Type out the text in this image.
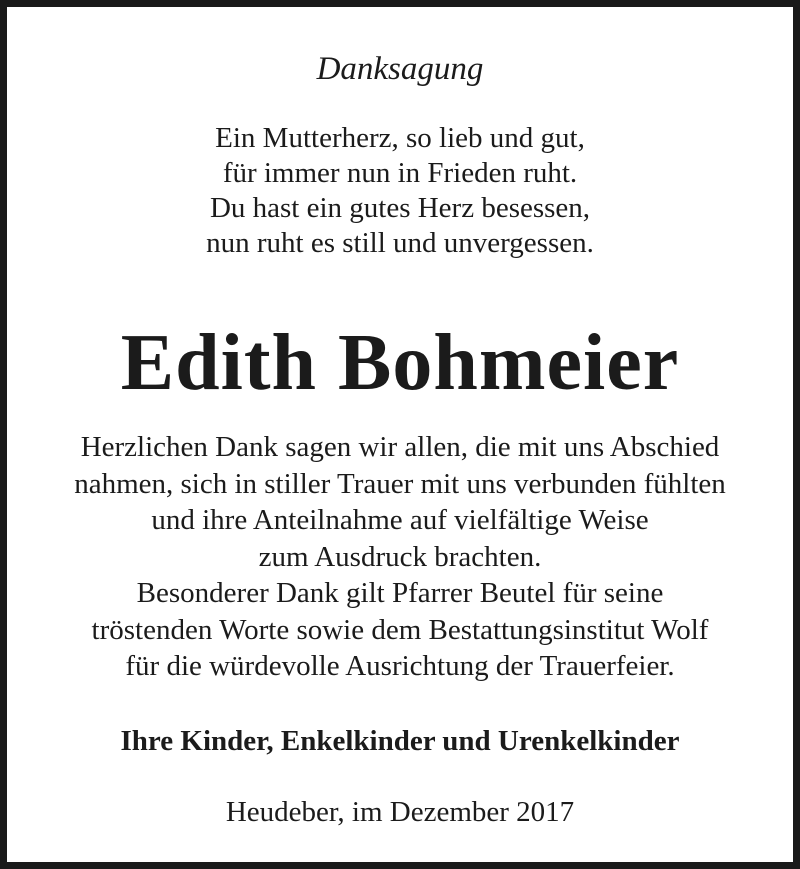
Danksagung
Ein Mutterherz, so lieb und gut,
für immer nun in Frieden ruht.
Du hast ein gutes Herz besessen,
nun ruht es still und unvergessen.
Edith Bohmeier
Herzlichen Dank sagen wir allen, die mit uns Abschied
nahmen, sich in stiller Trauer mit uns verbunden fühlten
und ihre Anteilnahme auf vielfältige Weise
zum Ausdruck brachten.
Besonderer Dank gilt Pfarrer Beutel für seine
tröstenden Worte sowie dem Bestattungsinstitut Wolf
für die würdevolle Ausrichtung der Trauerfeier.
Ihre Kinder, Enkelkinder und Urenkelkinder
Heudeber, im Dezember 2017
